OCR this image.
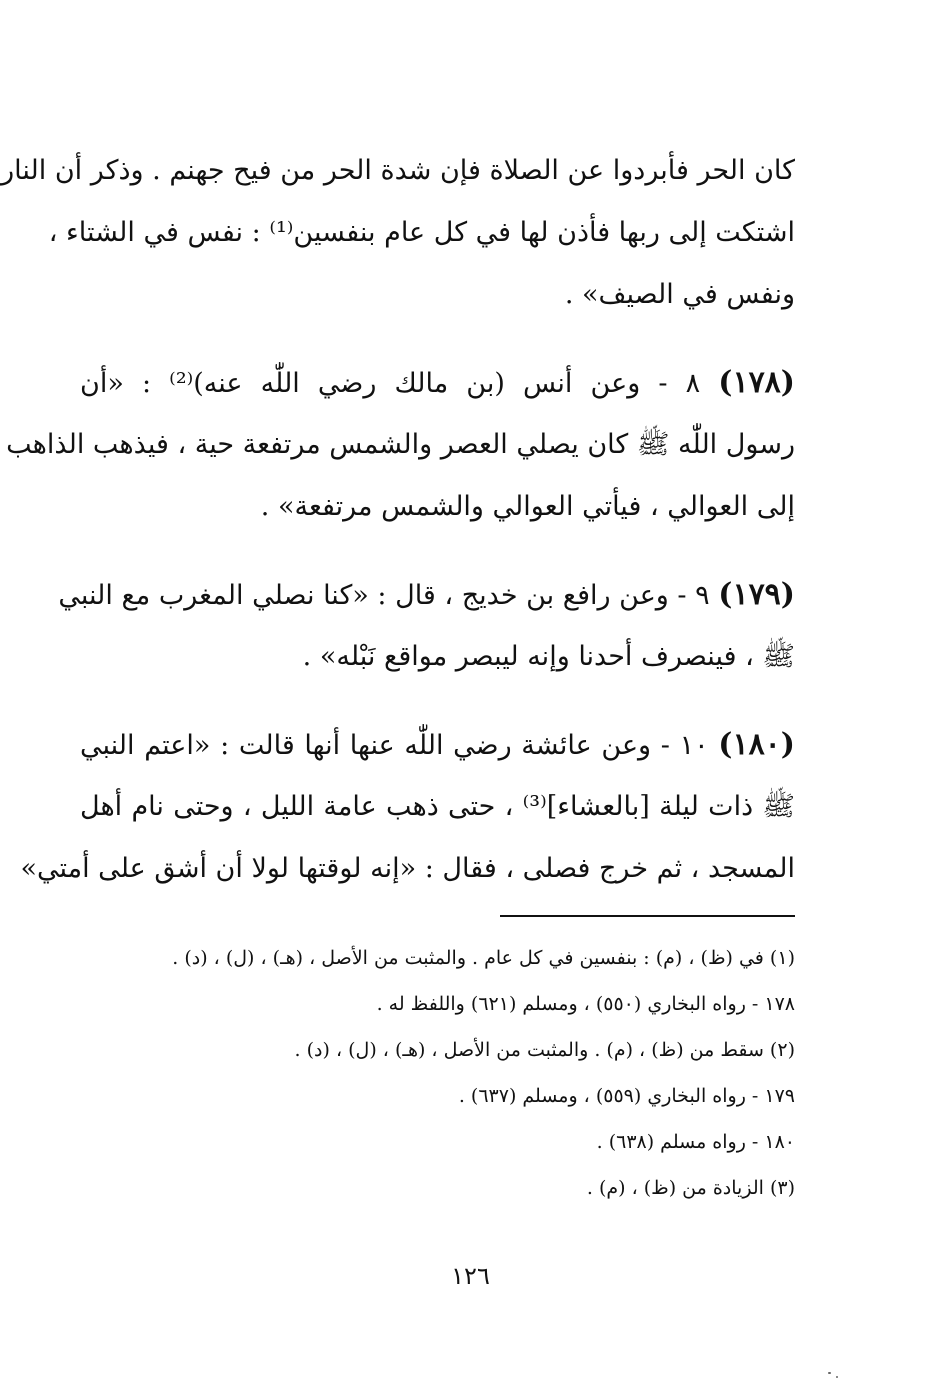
كان الحر فأبردوا عن الصلاة فإن شدة الحر من فيح جهنم . وذكر أن النار
اشتكت إلى ربها فأذن لها في كل عام بنفسين⁽¹⁾ : نفس في الشتاء ،
ونفس في الصيف» .
(١٧٨) ٨ - وعن أنس (بن مالك رضي اللّٰه عنه)⁽²⁾ : «أن
رسول اللّٰه ﷺ كان يصلي العصر والشمس مرتفعة حية ، فيذهب الذاهب
إلى العوالي ، فيأتي العوالي والشمس مرتفعة» .
(١٧٩) ٩ - وعن رافع بن خديج ، قال : «كنا نصلي المغرب مع النبي
ﷺ ، فينصرف أحدنا وإنه ليبصر مواقع نَبْله» .
(١٨٠) ١٠ - وعن عائشة رضي اللّٰه عنها أنها قالت : «اعتم النبي
ﷺ ذات ليلة [بالعشاء]⁽³⁾ ، حتى ذهب عامة الليل ، وحتى نام أهل
المسجد ، ثم خرج فصلى ، فقال : «إنه لوقتها لولا أن أشق على أمتي»
(١) في (ظ) ، (م) : بنفسين في كل عام . والمثبت من الأصل ، (هـ) ، (ل) ، (د) .
١٧٨ - رواه البخاري (٥٥٠) ، ومسلم (٦٢١) واللفظ له .
(٢) سقط من (ظ) ، (م) . والمثبت من الأصل ، (هـ) ، (ل) ، (د) .
١٧٩ - رواه البخاري (٥٥٩) ، ومسلم (٦٣٧) .
١٨٠ - رواه مسلم (٦٣٨) .
(٣) الزيادة من (ظ) ، (م) .
١٢٦
